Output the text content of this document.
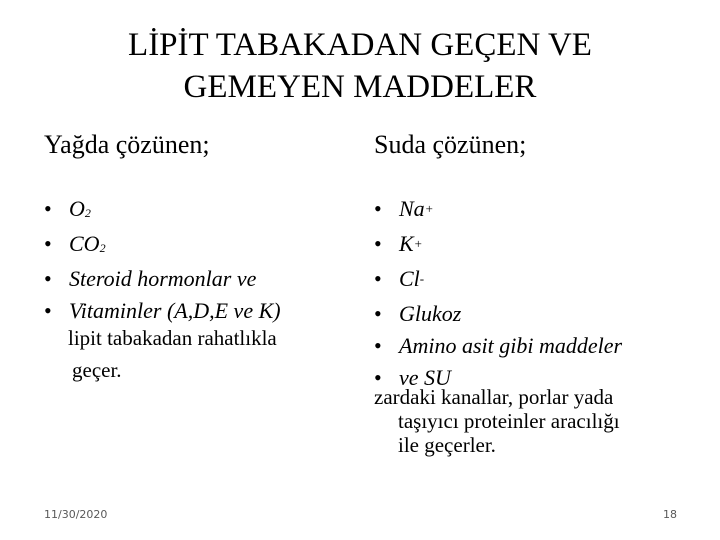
LİPİT TABAKADAN GEÇEN VE
GEMEYEN MADDELER
Yağda çözünen;
• $O_2$
• $CO_2$
• Steroid hormonlar ve
• Vitaminler (A,D,E ve K)
lipit tabakadan rahatlıkla
geçer.
Suda çözünen;
• Na+
• K+
• Cl-
• Glukoz
• Amino asit gibi maddeler
• ve SU
zardaki kanallar, porlar yada
taşıyıcı proteinler aracılığı
ile geçerler.
11/30/2020	18
